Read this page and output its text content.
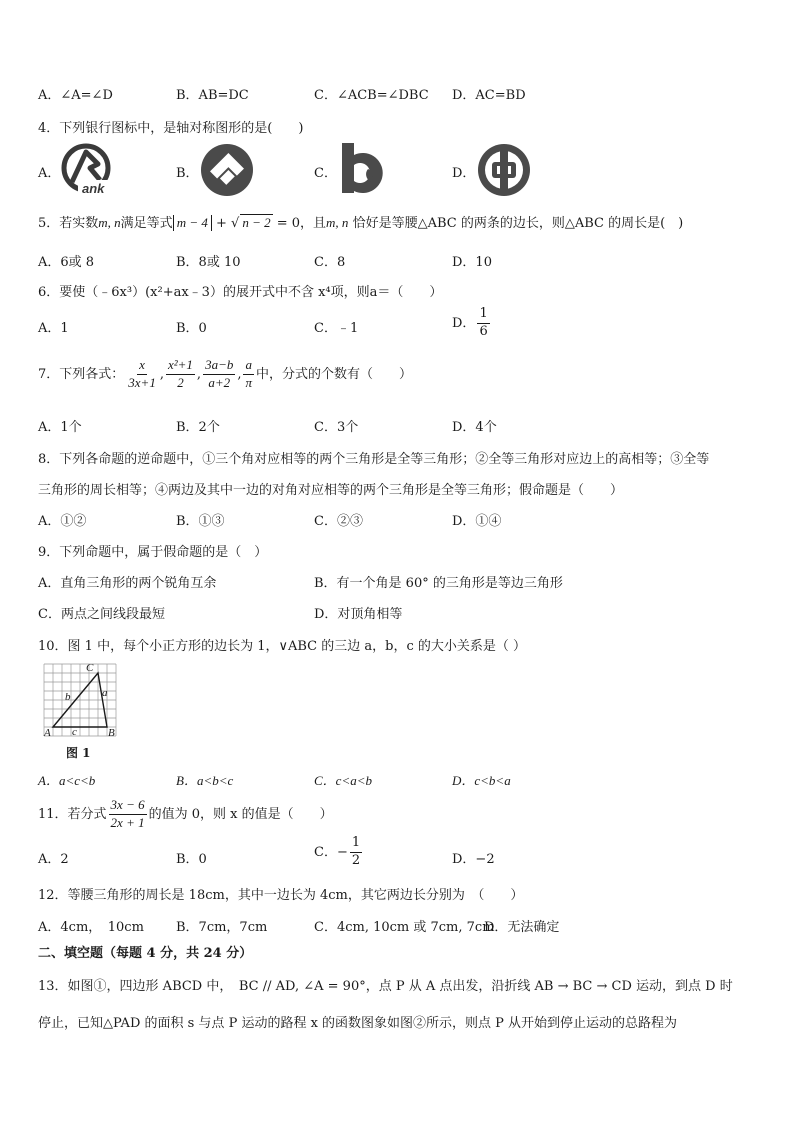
A．∠A=∠D	B．AB=DC	C．∠ACB=∠DBC D．AC=BD
4．下列银行图标中，是轴对称图形的是(　　)
A．	B．	C．	D．
ank
5．若实数m, n满足等式 m − 4 + √ n − 2 = 0，且m, n 恰好是等腰△ABC 的两条的边长，则△ABC 的周长是(　)
A．6或 8	B．8或 10	C．8	D．10
6．要使（﹣6x³）(x²+ax﹣3）的展开式中不含 x⁴项，则a＝（　　）
A．1	B．0	C．﹣1	D． $\frac{1}{6}$
7．下列各式： $\frac{x}{3x+1}$ , $\frac{\text{x²+1}}{2}$ , $\frac{3a-b}{a+2}$ , $\frac{a}{\pi}$ 中，分式的个数有（　　）
A．1个	B．2个	C．3个	D．4个
8．下列各命题的逆命题中，①三个角对应相等的两个三角形是全等三角形；②全等三角形对应边上的高相等；③全等
三角形的周长相等；④两边及其中一边的对角对应相等的两个三角形是全等三角形；假命题是（　　）
A．①②	B．①③	C．②③	D．①④
9．下列命题中，属于假命题的是（　）
A．直角三角形的两个锐角互余	B．有一个角是 60° 的三角形是等边三角形
C．两点之间线段最短	D．对顶角相等
10．图 1 中，每个小正方形的边长为 1，∨ABC 的三边 a，b，c 的大小关系是（ ）
C
A	B
a
b
c
图 1
A．a<c<b	B．a<b<c	C．c<a<b	D．c<b<a
11．若分式 $\frac{3x - 6}{2x + 1}$ 的值为 0，则 x 的值是（　　）
A．2	B．0	C．− $\frac{1}{2}$	D．−2
12．等腰三角形的周长是 18cm，其中一边长为 4cm，其它两边长分别为　（　　）
A．4cm，　10cm B．7cm，7cm	C．4cm, 10cm 或 7cm, 7cm
D．无法确定
二、填空题（每题 4 分，共 24 分）
13．如图①，四边形 ABCD 中，　BC // AD, ∠A = 90°，点 P 从 A 点出发，沿折线 AB → BC → CD 运动，到点 D 时
停止，已知△PAD 的面积 s 与点 P 运动的路程 x 的函数图象如图②所示，则点 P 从开始到停止运动的总路程为
